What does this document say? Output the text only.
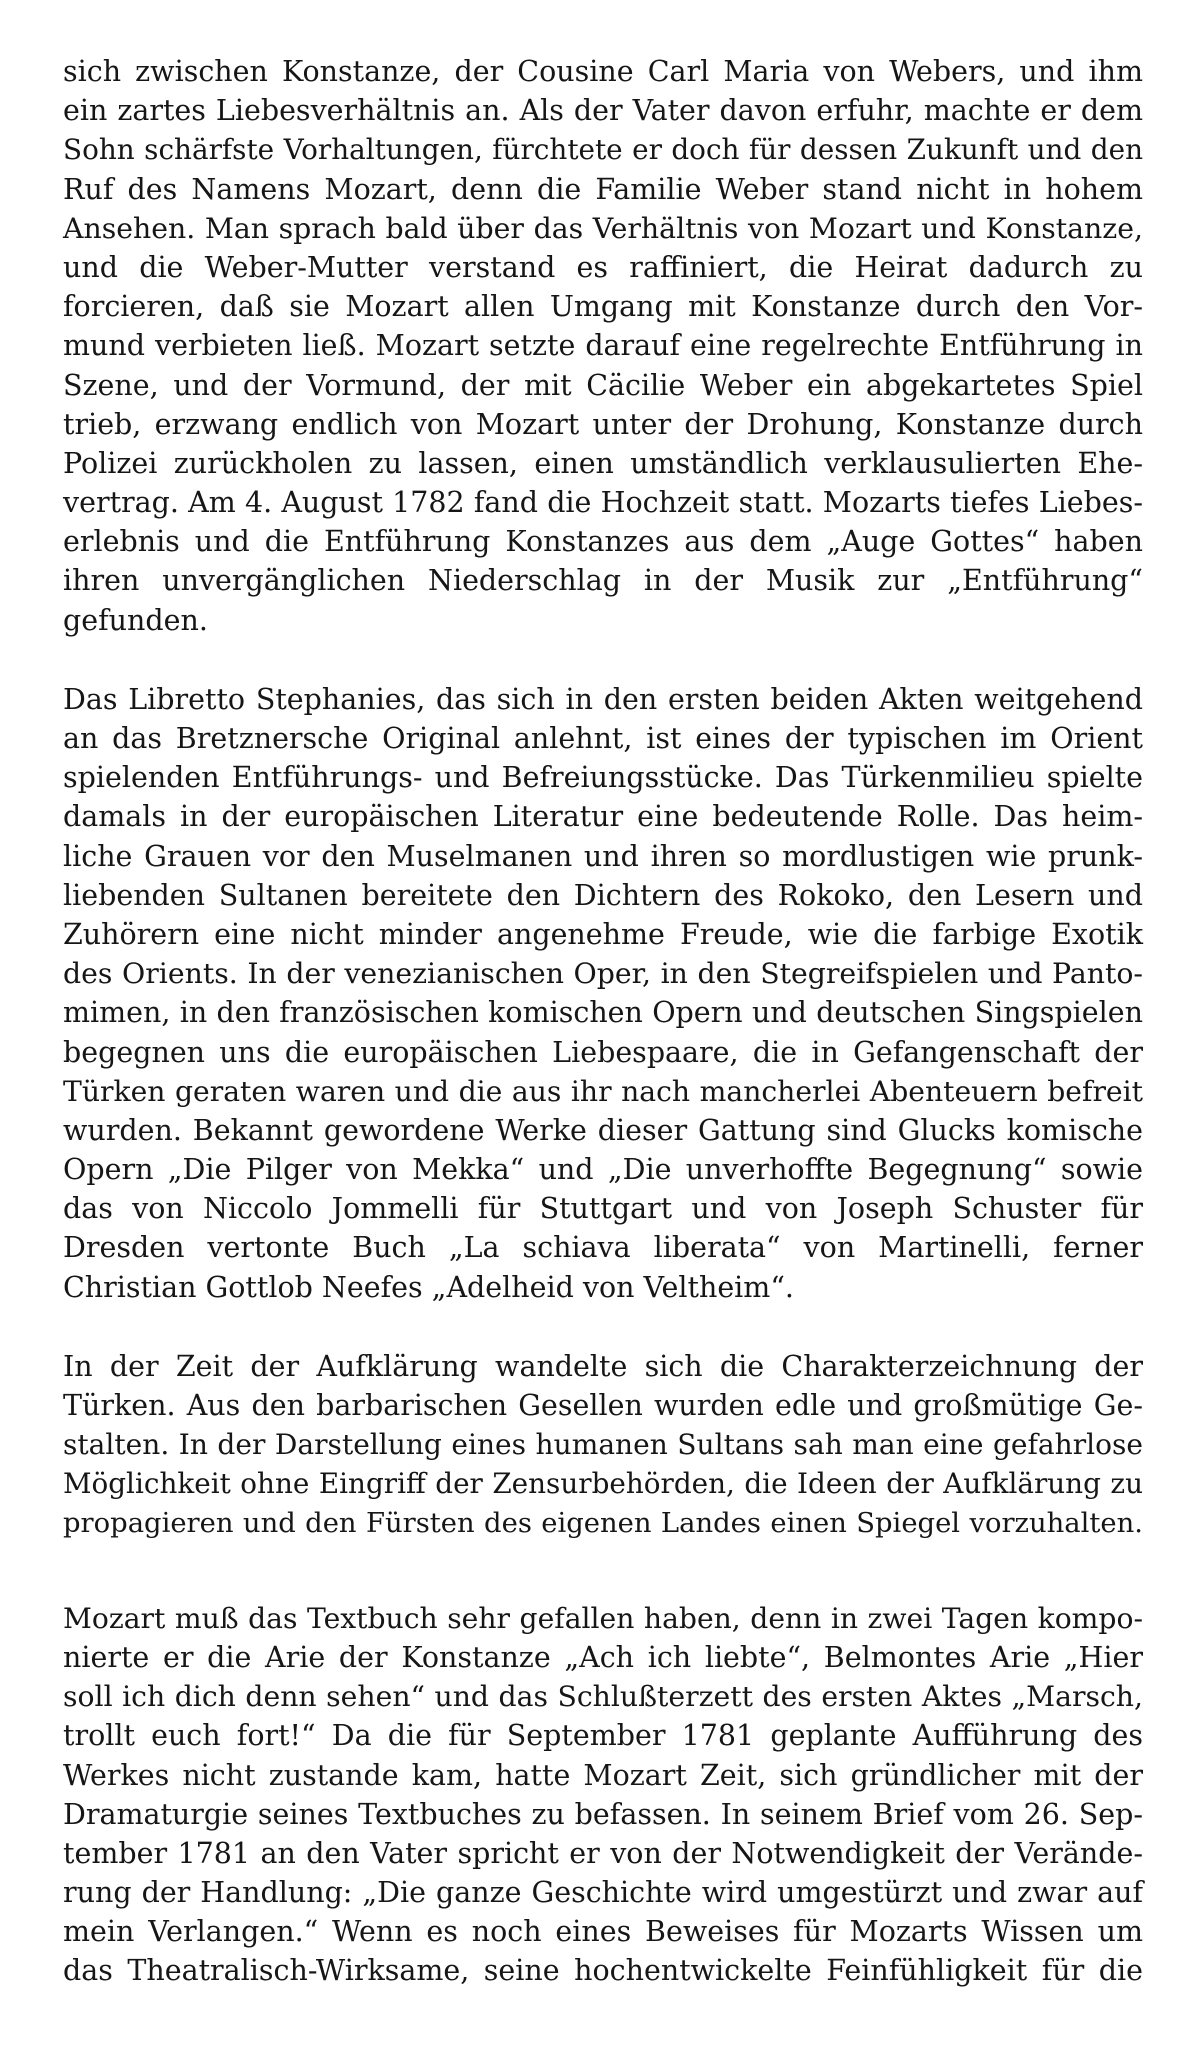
sich zwischen Konstanze, der Cousine Carl Maria von Webers, und ihm
ein zartes Liebesverhältnis an. Als der Vater davon erfuhr, machte er dem
Sohn schärfste Vorhaltungen, fürchtete er doch für dessen Zukunft und den
Ruf des Namens Mozart, denn die Familie Weber stand nicht in hohem
Ansehen. Man sprach bald über das Verhältnis von Mozart und Konstanze,
und die Weber-Mutter verstand es raffiniert, die Heirat dadurch zu
forcieren, daß sie Mozart allen Umgang mit Konstanze durch den Vor-
mund verbieten ließ. Mozart setzte darauf eine regelrechte Entführung in
Szene, und der Vormund, der mit Cäcilie Weber ein abgekartetes Spiel
trieb, erzwang endlich von Mozart unter der Drohung, Konstanze durch
Polizei zurückholen zu lassen, einen umständlich verklausulierten Ehe-
vertrag. Am 4. August 1782 fand die Hochzeit statt. Mozarts tiefes Liebes-
erlebnis und die Entführung Konstanzes aus dem „Auge Gottes“ haben
ihren unvergänglichen Niederschlag in der Musik zur „Entführung“
gefunden.
Das Libretto Stephanies, das sich in den ersten beiden Akten weitgehend
an das Bretznersche Original anlehnt, ist eines der typischen im Orient
spielenden Entführungs- und Befreiungsstücke. Das Türkenmilieu spielte
damals in der europäischen Literatur eine bedeutende Rolle. Das heim-
liche Grauen vor den Muselmanen und ihren so mordlustigen wie prunk-
liebenden Sultanen bereitete den Dichtern des Rokoko, den Lesern und
Zuhörern eine nicht minder angenehme Freude, wie die farbige Exotik
des Orients. In der venezianischen Oper, in den Stegreifspielen und Panto-
mimen, in den französischen komischen Opern und deutschen Singspielen
begegnen uns die europäischen Liebespaare, die in Gefangenschaft der
Türken geraten waren und die aus ihr nach mancherlei Abenteuern befreit
wurden. Bekannt gewordene Werke dieser Gattung sind Glucks komische
Opern „Die Pilger von Mekka“ und „Die unverhoffte Begegnung“ sowie
das von Niccolo Jommelli für Stuttgart und von Joseph Schuster für
Dresden vertonte Buch „La schiava liberata“ von Martinelli, ferner
Christian Gottlob Neefes „Adelheid von Veltheim“.
In der Zeit der Aufklärung wandelte sich die Charakterzeichnung der
Türken. Aus den barbarischen Gesellen wurden edle und großmütige Ge-
stalten. In der Darstellung eines humanen Sultans sah man eine gefahrlose
Möglichkeit ohne Eingriff der Zensurbehörden, die Ideen der Aufklärung zu
propagieren und den Fürsten des eigenen Landes einen Spiegel vorzuhalten.
Mozart muß das Textbuch sehr gefallen haben, denn in zwei Tagen kompo-
nierte er die Arie der Konstanze „Ach ich liebte“, Belmontes Arie „Hier
soll ich dich denn sehen“ und das Schlußterzett des ersten Aktes „Marsch,
trollt euch fort!“ Da die für September 1781 geplante Aufführung des
Werkes nicht zustande kam, hatte Mozart Zeit, sich gründlicher mit der
Dramaturgie seines Textbuches zu befassen. In seinem Brief vom 26. Sep-
tember 1781 an den Vater spricht er von der Notwendigkeit der Verände-
rung der Handlung: „Die ganze Geschichte wird umgestürzt und zwar auf
mein Verlangen.“ Wenn es noch eines Beweises für Mozarts Wissen um
das Theatralisch-Wirksame, seine hochentwickelte Feinfühligkeit für die
